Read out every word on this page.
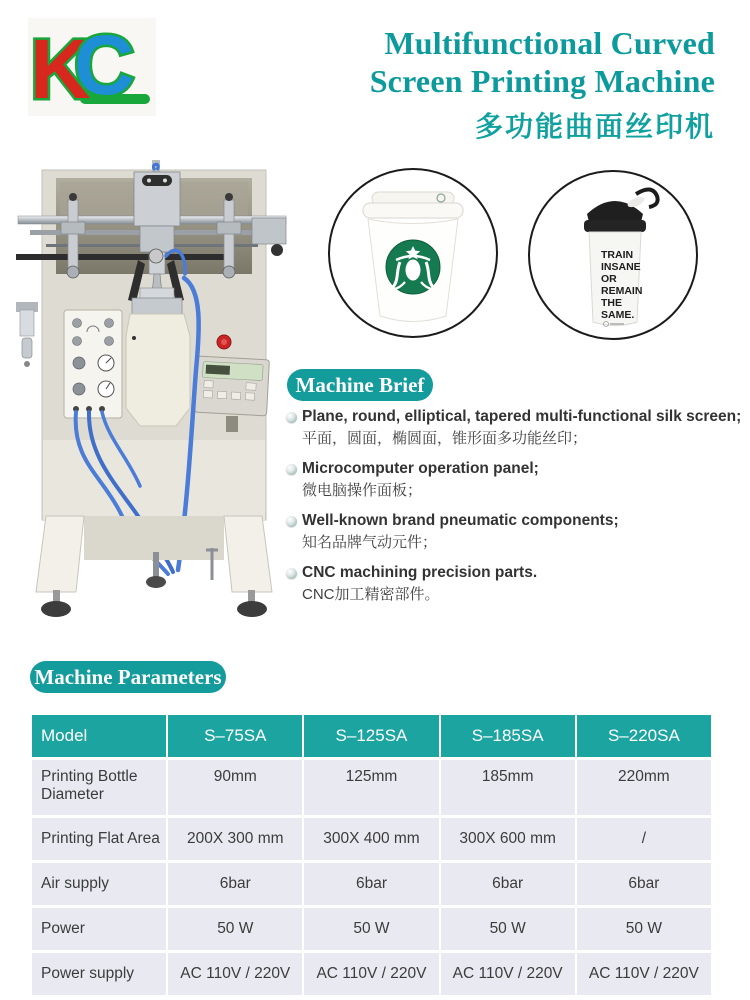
K
C	Multifunctional Curved
Screen Printing Machine
多功能曲面丝印机
TRAIN
INSANE
OR
REMAIN
THE
SAME.
Machine Brief
Plane, round, elliptical, tapered multi-functional silk screen;
平面，圆面，椭圆面，锥形面多功能丝印；
Microcomputer operation panel;
微电脑操作面板；
Well-known brand pneumatic components;
知名品牌气动元件；
CNC machining precision parts.
CNC加工精密部件。
Machine Parameters
Model	S–75SA	S–125SA	S–185SA	S–220SA
Printing Bottle Diameter	90mm	125mm	185mm	220mm
Printing Flat Area	200X 300 mm	300X 400 mm	300X 600 mm	/
Air supply	6bar	6bar	6bar	6bar
Power	50 W	50 W	50 W	50 W
Power supply	AC 110V / 220V	AC 110V / 220V	AC 110V / 220V	AC 110V / 220V
